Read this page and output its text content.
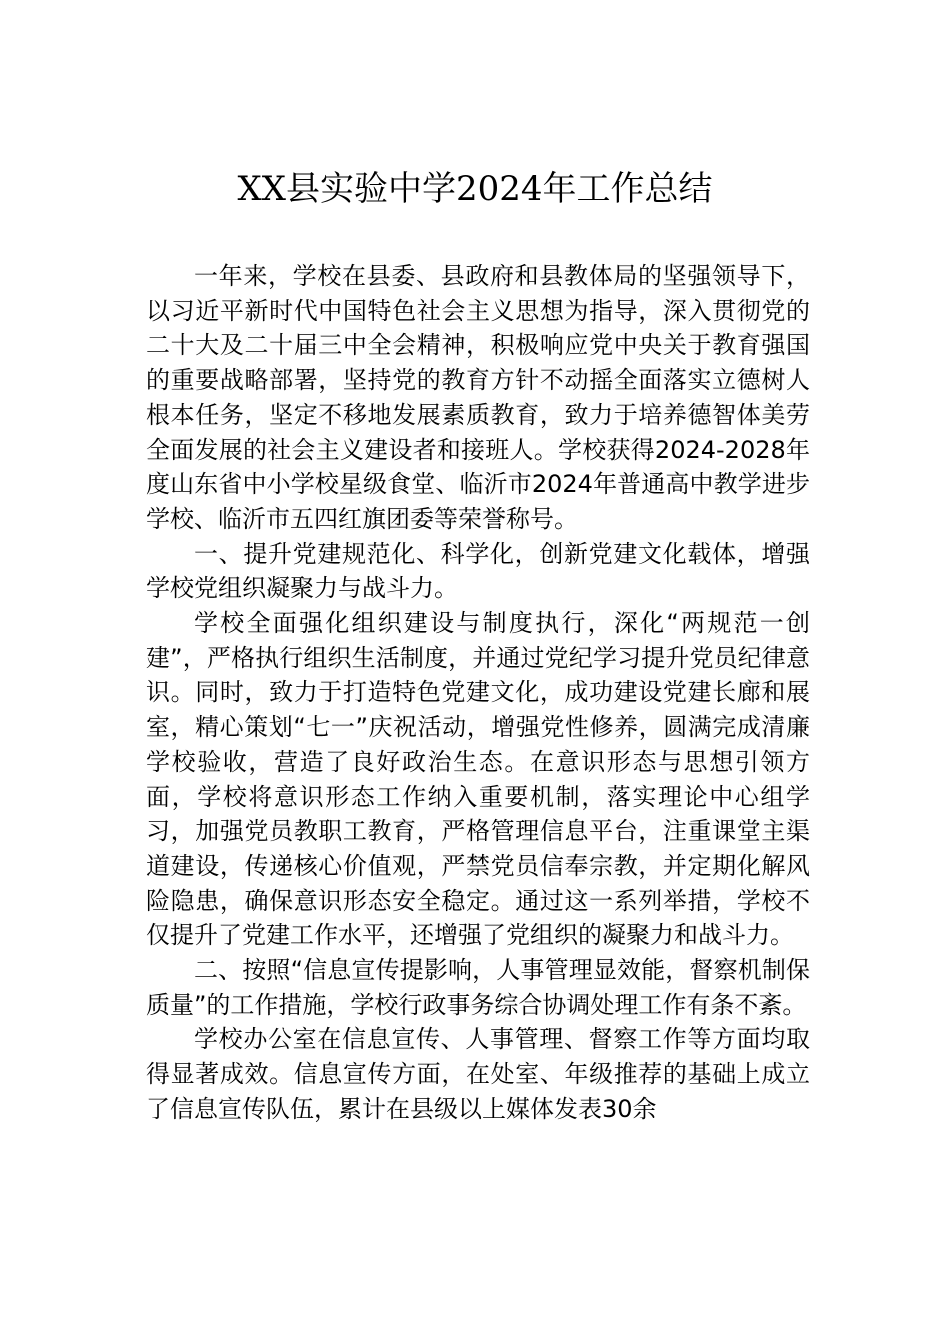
XX县实验中学2024年工作总结

一年来，学校在县委、县政府和县教体局的坚强领导下，以习近平新时代中国特色社会主义思想为指导，深入贯彻党的二十大及二十届三中全会精神，积极响应党中央关于教育强国的重要战略部署，坚持党的教育方针不动摇全面落实立德树人根本任务，坚定不移地发展素质教育，致力于培养德智体美劳全面发展的社会主义建设者和接班人。学校获得2024-2028年度山东省中小学校星级食堂、临沂市2024年普通高中教学进步学校、临沂市五四红旗团委等荣誉称号。

一、提升党建规范化、科学化，创新党建文化载体，增强学校党组织凝聚力与战斗力。

学校全面强化组织建设与制度执行，深化“两规范一创建”，严格执行组织生活制度，并通过党纪学习提升党员纪律意识。同时，致力于打造特色党建文化，成功建设党建长廊和展室，精心策划“七一”庆祝活动，增强党性修养，圆满完成清廉学校验收，营造了良好政治生态。在意识形态与思想引领方面，学校将意识形态工作纳入重要机制，落实理论中心组学习，加强党员教职工教育，严格管理信息平台，注重课堂主渠道建设，传递核心价值观，严禁党员信奉宗教，并定期化解风险隐患，确保意识形态安全稳定。通过这一系列举措，学校不仅提升了党建工作水平，还增强了党组织的凝聚力和战斗力。

二、按照“信息宣传提影响，人事管理显效能，督察机制保质量”的工作措施，学校行政事务综合协调处理工作有条不紊。

学校办公室在信息宣传、人事管理、督察工作等方面均取得显著成效。信息宣传方面，在处室、年级推荐的基础上成立了信息宣传队伍，累计在县级以上媒体发表30余
